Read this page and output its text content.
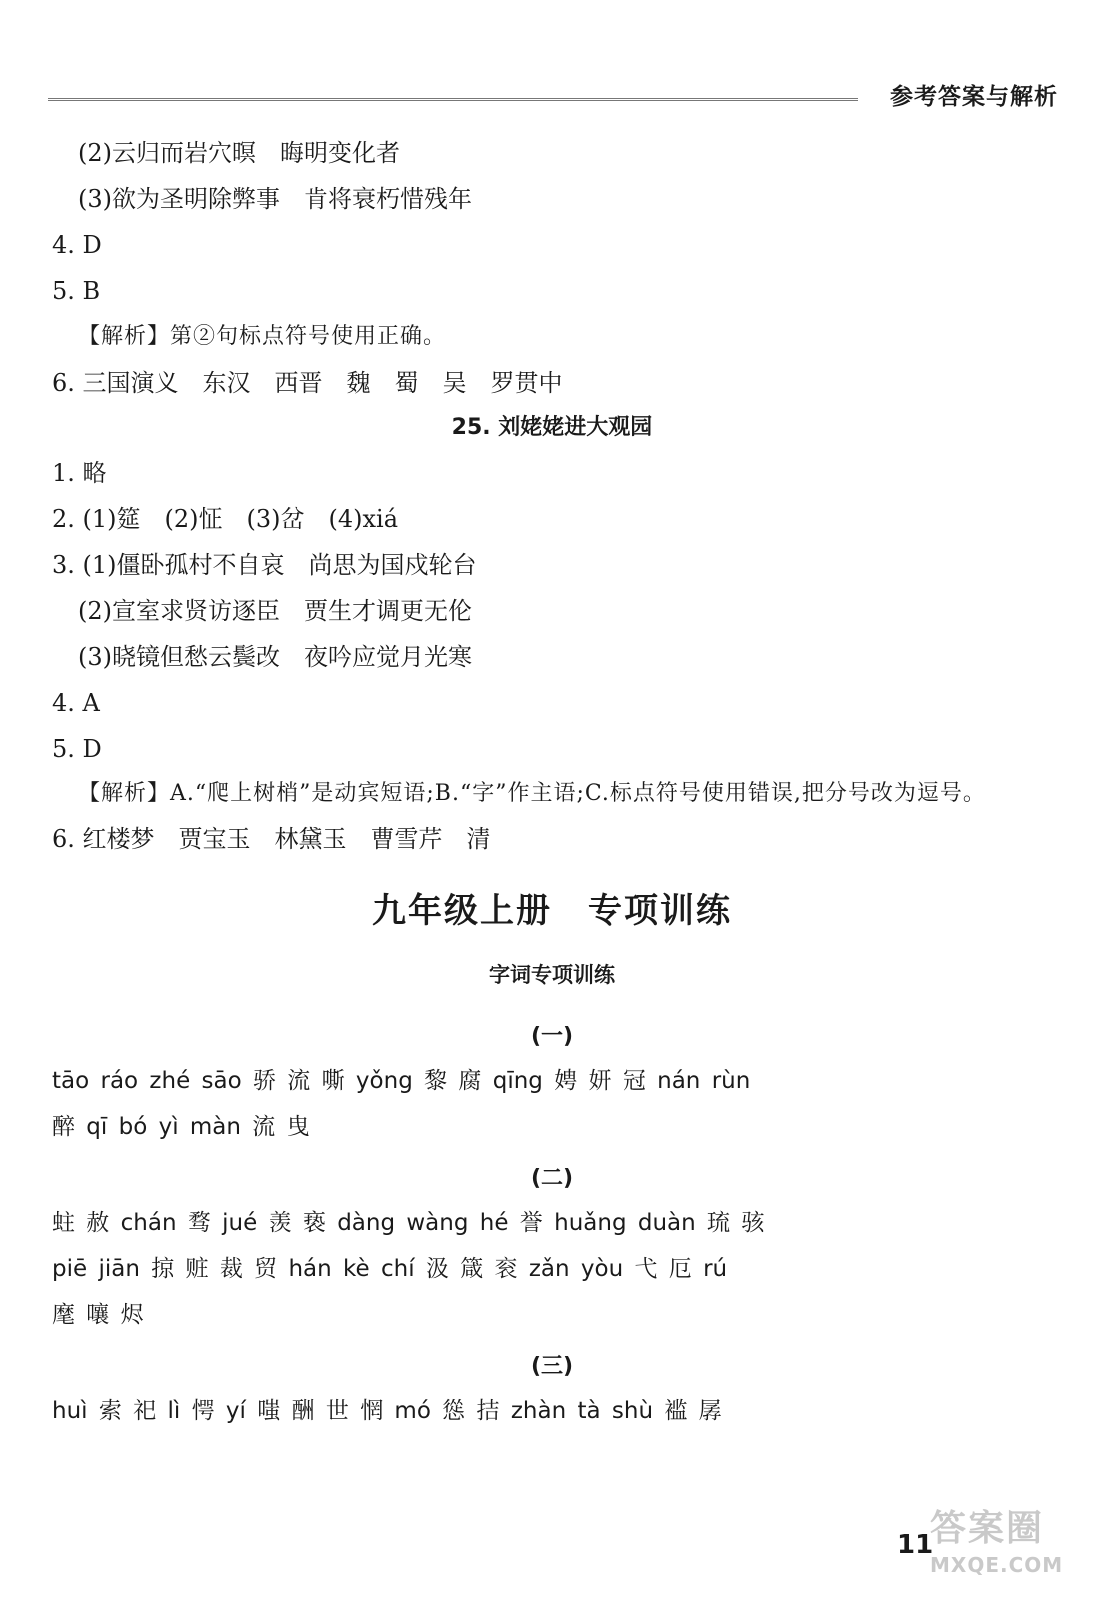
参考答案与解析
(2)云归而岩穴暝　晦明变化者
(3)欲为圣明除弊事　肯将衰朽惜残年
4. D
5. B
【解析】第②句标点符号使用正确。
6. 三国演义　东汉　西晋　魏　蜀　吴　罗贯中
25. 刘姥姥进大观园
1. 略
2. (1)筵　(2)怔　(3)岔　(4)xiá
3. (1)僵卧孤村不自哀　尚思为国戍轮台
(2)宣室求贤访逐臣　贾生才调更无伦
(3)晓镜但愁云鬓改　夜吟应觉月光寒
4. A
5. D
【解析】A.“爬上树梢”是动宾短语;B.“字”作主语;C.标点符号使用错误,把分号改为逗号。
6. 红楼梦　贾宝玉　林黛玉　曹雪芹　清
九年级上册　专项训练
字词专项训练
(一)
tāo ráo zhé sāo 骄 流 嘶 yǒng 黎 腐 qīng 娉 妍 冠 nán rùn
醉 qī bó yì màn 流 曳
(二)
蛀 赦 chán 骛 jué 羡 亵 dàng wàng hé 誉 huǎng duàn 琉 骇
piē jiān 掠 赃 裁 贸 hán kè chí 汲 箴 衮 zǎn yòu 弋 厄 rú
麾 嚷 烬
(三)
huì 索 祀 lì 愕 yí 嗤 酬 世 惘 mó 慫 拮 zhàn tà shù 褴 孱
11
答案圈
MXQE.COM
